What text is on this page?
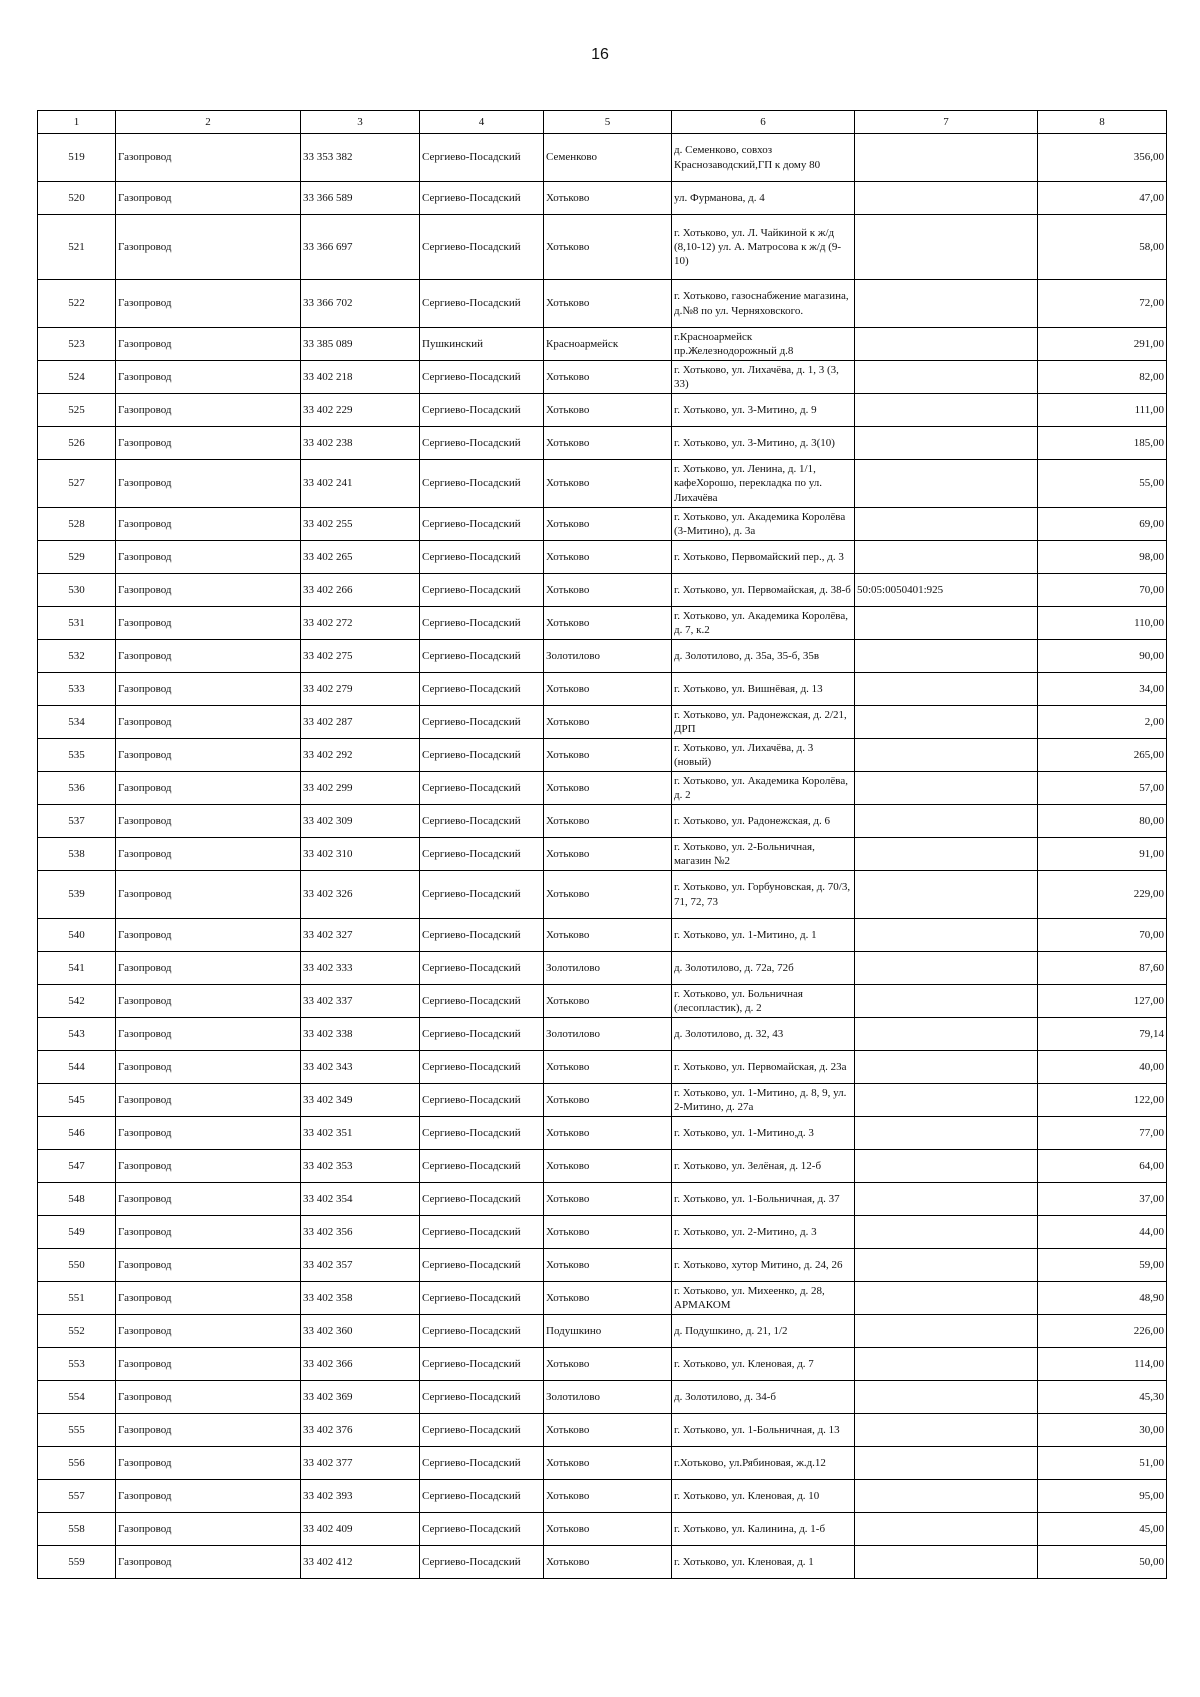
16
1	2	3	4	5	6	7	8
519	Газопровод	33 353 382	Сергиево-Посадский	Семенково	д. Семенково, совхоз Краснозаводский,ГП к дому 80		356,00
520	Газопровод	33 366 589	Сергиево-Посадский	Хотьково	ул. Фурманова, д. 4		47,00
521	Газопровод	33 366 697	Сергиево-Посадский	Хотьково	г. Хотьково, ул. Л. Чайкиной к ж/д (8,10-12) ул. А. Матросова к ж/д (9-10)		58,00
522	Газопровод	33 366 702	Сергиево-Посадский	Хотьково	г. Хотьково, газоснабжение магазина, д.№8 по ул. Черняховского.		72,00
523	Газопровод	33 385 089	Пушкинский	Красноармейск	г.Красноармейск пр.Железнодорожный д.8		291,00
524	Газопровод	33 402 218	Сергиево-Посадский	Хотьково	г. Хотьково, ул. Лихачёва, д. 1, 3 (3, 33)		82,00
525	Газопровод	33 402 229	Сергиево-Посадский	Хотьково	г. Хотьково, ул. 3-Митино, д. 9		111,00
526	Газопровод	33 402 238	Сергиево-Посадский	Хотьково	г. Хотьково, ул. 3-Митино, д. 3(10)		185,00
527	Газопровод	33 402 241	Сергиево-Посадский	Хотьково	г. Хотьково, ул. Ленина, д. 1/1, кафеХорошо, перекладка по ул. Лихачёва		55,00
528	Газопровод	33 402 255	Сергиево-Посадский	Хотьково	г. Хотьково, ул. Академика Королёва (3-Митино), д. 3а		69,00
529	Газопровод	33 402 265	Сергиево-Посадский	Хотьково	г. Хотьково, Первомайский пер., д. 3		98,00
530	Газопровод	33 402 266	Сергиево-Посадский	Хотьково	г. Хотьково, ул. Первомайская, д. 38-б	50:05:0050401:925	70,00
531	Газопровод	33 402 272	Сергиево-Посадский	Хотьково	г. Хотьково, ул. Академика Королёва, д. 7, к.2		110,00
532	Газопровод	33 402 275	Сергиево-Посадский	Золотилово	д. Золотилово, д. 35а, 35-б, 35в		90,00
533	Газопровод	33 402 279	Сергиево-Посадский	Хотьково	г. Хотьково, ул. Вишнёвая, д. 13		34,00
534	Газопровод	33 402 287	Сергиево-Посадский	Хотьково	г. Хотьково, ул. Радонежская, д. 2/21, ДРП		2,00
535	Газопровод	33 402 292	Сергиево-Посадский	Хотьково	г. Хотьково, ул. Лихачёва, д. 3 (новый)		265,00
536	Газопровод	33 402 299	Сергиево-Посадский	Хотьково	г. Хотьково, ул. Академика Королёва, д. 2		57,00
537	Газопровод	33 402 309	Сергиево-Посадский	Хотьково	г. Хотьково, ул. Радонежская, д. 6		80,00
538	Газопровод	33 402 310	Сергиево-Посадский	Хотьково	г. Хотьково, ул. 2-Больничная, магазин №2		91,00
539	Газопровод	33 402 326	Сергиево-Посадский	Хотьково	г. Хотьково, ул. Горбуновская, д. 70/3, 71, 72, 73		229,00
540	Газопровод	33 402 327	Сергиево-Посадский	Хотьково	г. Хотьково, ул. 1-Митино, д. 1		70,00
541	Газопровод	33 402 333	Сергиево-Посадский	Золотилово	д. Золотилово, д. 72а, 72б		87,60
542	Газопровод	33 402 337	Сергиево-Посадский	Хотьково	г. Хотьково, ул. Больничная (лесопластик), д. 2		127,00
543	Газопровод	33 402 338	Сергиево-Посадский	Золотилово	д. Золотилово, д. 32, 43		79,14
544	Газопровод	33 402 343	Сергиево-Посадский	Хотьково	г. Хотьково, ул. Первомайская, д. 23а		40,00
545	Газопровод	33 402 349	Сергиево-Посадский	Хотьково	г. Хотьково, ул. 1-Митино, д. 8, 9, ул. 2-Митино, д. 27а		122,00
546	Газопровод	33 402 351	Сергиево-Посадский	Хотьково	г. Хотьково, ул. 1-Митино,д. 3		77,00
547	Газопровод	33 402 353	Сергиево-Посадский	Хотьково	г. Хотьково, ул. Зелёная, д. 12-б		64,00
548	Газопровод	33 402 354	Сергиево-Посадский	Хотьково	г. Хотьково, ул. 1-Больничная, д. 37		37,00
549	Газопровод	33 402 356	Сергиево-Посадский	Хотьково	г. Хотьково, ул. 2-Митино, д. 3		44,00
550	Газопровод	33 402 357	Сергиево-Посадский	Хотьково	г. Хотьково, хутор Митино, д. 24, 26		59,00
551	Газопровод	33 402 358	Сергиево-Посадский	Хотьково	г. Хотьково, ул. Михеенко, д. 28, АРМАКОМ		48,90
552	Газопровод	33 402 360	Сергиево-Посадский	Подушкино	д. Подушкино, д. 21, 1/2		226,00
553	Газопровод	33 402 366	Сергиево-Посадский	Хотьково	г. Хотьково, ул. Кленовая, д. 7		114,00
554	Газопровод	33 402 369	Сергиево-Посадский	Золотилово	д. Золотилово, д. 34-б		45,30
555	Газопровод	33 402 376	Сергиево-Посадский	Хотьково	г. Хотьково, ул. 1-Больничная, д. 13		30,00
556	Газопровод	33 402 377	Сергиево-Посадский	Хотьково	г.Хотьково, ул.Рябиновая, ж.д.12		51,00
557	Газопровод	33 402 393	Сергиево-Посадский	Хотьково	г. Хотьково, ул. Кленовая, д. 10		95,00
558	Газопровод	33 402 409	Сергиево-Посадский	Хотьково	г. Хотьково, ул. Калинина, д. 1-б		45,00
559	Газопровод	33 402 412	Сергиево-Посадский	Хотьково	г. Хотьково, ул. Кленовая, д. 1		50,00
